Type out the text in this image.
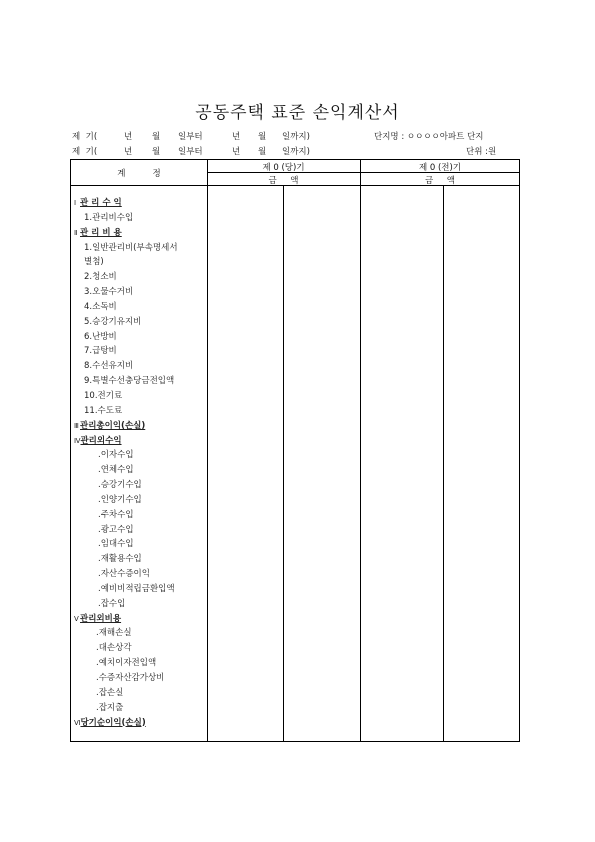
공동주택 표준 손익계산서
제  기(	년 월 일부터	년 월 일까지)	단지명 : ㅇㅇㅇㅇ아파트 단지
제  기(	년 월 일부터	년 월 일까지)	단위 :원
계          정
제 0 (당)기	제 0 (전)기
금     액	금     액
Ⅰ 관 리 수 익
1.관리비수입
Ⅱ 관 리 비 용
1.일반관리비(부속명세서
별첨)
2.청소비
3.오물수거비
4.소독비
5.승강기유지비
6.난방비
7.급탕비
8.수선유지비
9.특별수선충당금전입액
10.전기료
11.수도료
Ⅲ관리총이익(손실)
Ⅳ관리외수익
.이자수입
.연체수입
.승강기수입
.인양기수입
.주차수입
.광고수입
.임대수입
.재활용수입
.자산수증이익
.예비비적립금환입액
.잡수입
Ⅴ관리외비용
.재해손실
.대손상각
.예치이자전입액
.수증자산감가상비
.잡손실
.잡지출
Ⅵ당기순이익(손실)
